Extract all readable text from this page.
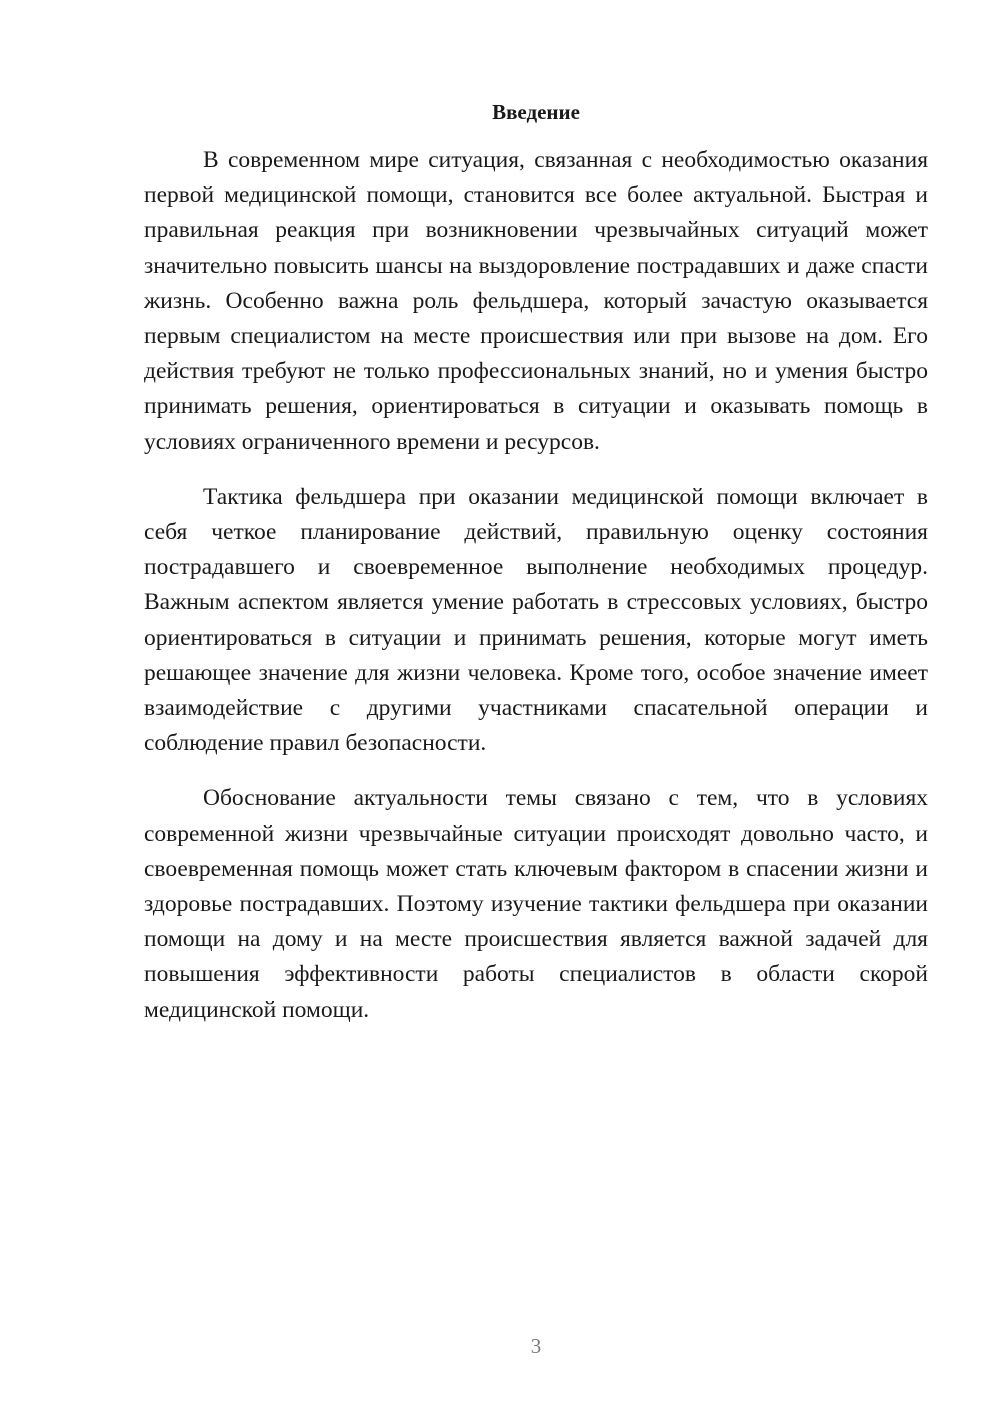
Введение

В современном мире ситуация, связанная с необходимостью оказания первой медицинской помощи, становится все более актуальной. Быстрая и правильная реакция при возникновении чрезвычайных ситуаций может значительно повысить шансы на выздоровление пострадавших и даже спасти жизнь. Особенно важна роль фельдшера, который зачастую оказывается первым специалистом на месте происшествия или при вызове на дом. Его действия требуют не только профессиональных знаний, но и умения быстро принимать решения, ориентироваться в ситуации и оказывать помощь в условиях ограниченного времени и ресурсов.

Тактика фельдшера при оказании медицинской помощи включает в себя четкое планирование действий, правильную оценку состояния пострадавшего и своевременное выполнение необходимых процедур. Важным аспектом является умение работать в стрессовых условиях, быстро ориентироваться в ситуации и принимать решения, которые могут иметь решающее значение для жизни человека. Кроме того, особое значение имеет взаимодействие с другими участниками спасательной операции и соблюдение правил безопасности.

Обоснование актуальности темы связано с тем, что в условиях современной жизни чрезвычайные ситуации происходят довольно часто, и своевременная помощь может стать ключевым фактором в спасении жизни и здоровье пострадавших. Поэтому изучение тактики фельдшера при оказании помощи на дому и на месте происшествия является важной задачей для повышения эффективности работы специалистов в области скорой медицинской помощи.

3
